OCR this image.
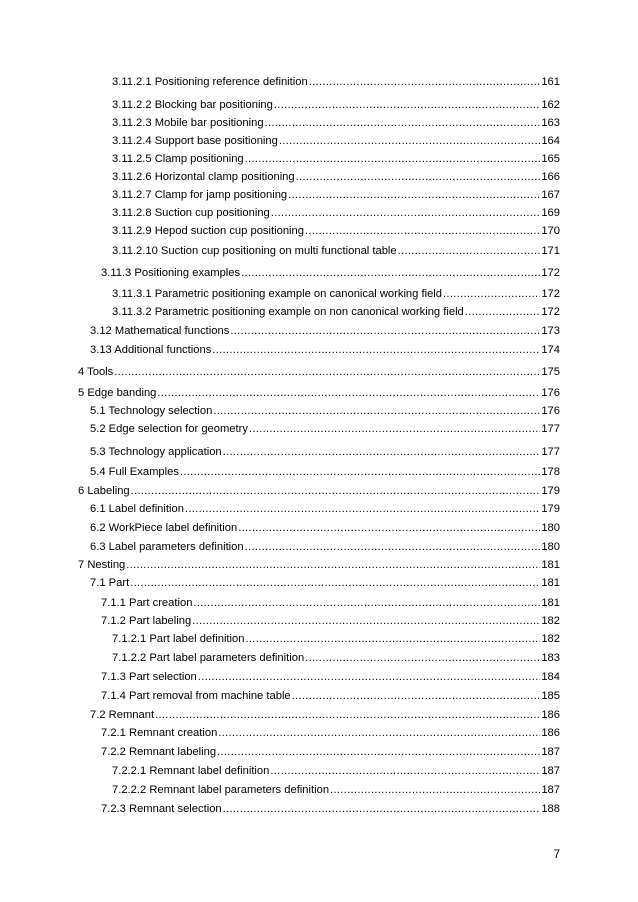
3.11.2.1 Positioning reference definition .....	161
3.11.2.2 Blocking bar positioning .....	162
3.11.2.3 Mobile bar positioning .....	163
3.11.2.4 Support base positioning .....	164
3.11.2.5 Clamp positioning .....	165
3.11.2.6 Horizontal clamp positioning .....	166
3.11.2.7 Clamp for jamp positioning .....	167
3.11.2.8 Suction cup positioning .....	169
3.11.2.9 Hepod suction cup positioning .....	170
3.11.2.10 Suction cup positioning on multi functional table .....	171
3.11.3 Positioning examples .....	172
3.11.3.1 Parametric positioning example on canonical working field .....	172
3.11.3.2 Parametric positioning example on non canonical working field .....	172
3.12 Mathematical functions .....	173
3.13 Additional functions .....	174
4 Tools .....	175
5 Edge banding .....	176
5.1 Technology selection .....	176
5.2 Edge selection for geometry .....	177
5.3 Technology application .....	177
5.4 Full Examples .....	178
6 Labeling .....	179
6.1 Label definition .....	179
6.2 WorkPiece label definition .....	180
6.3 Label parameters definition .....	180
7 Nesting .....	181
7.1 Part .....	181
7.1.1 Part creation .....	181
7.1.2 Part labeling .....	182
7.1.2.1 Part label definition .....	182
7.1.2.2 Part label parameters definition .....	183
7.1.3 Part selection .....	184
7.1.4 Part removal from machine table .....	185
7.2 Remnant .....	186
7.2.1 Remnant creation .....	186
7.2.2 Remnant labeling .....	187
7.2.2.1 Remnant label definition .....	187
7.2.2.2 Remnant label parameters definition .....	187
7.2.3 Remnant selection .....	188
7
